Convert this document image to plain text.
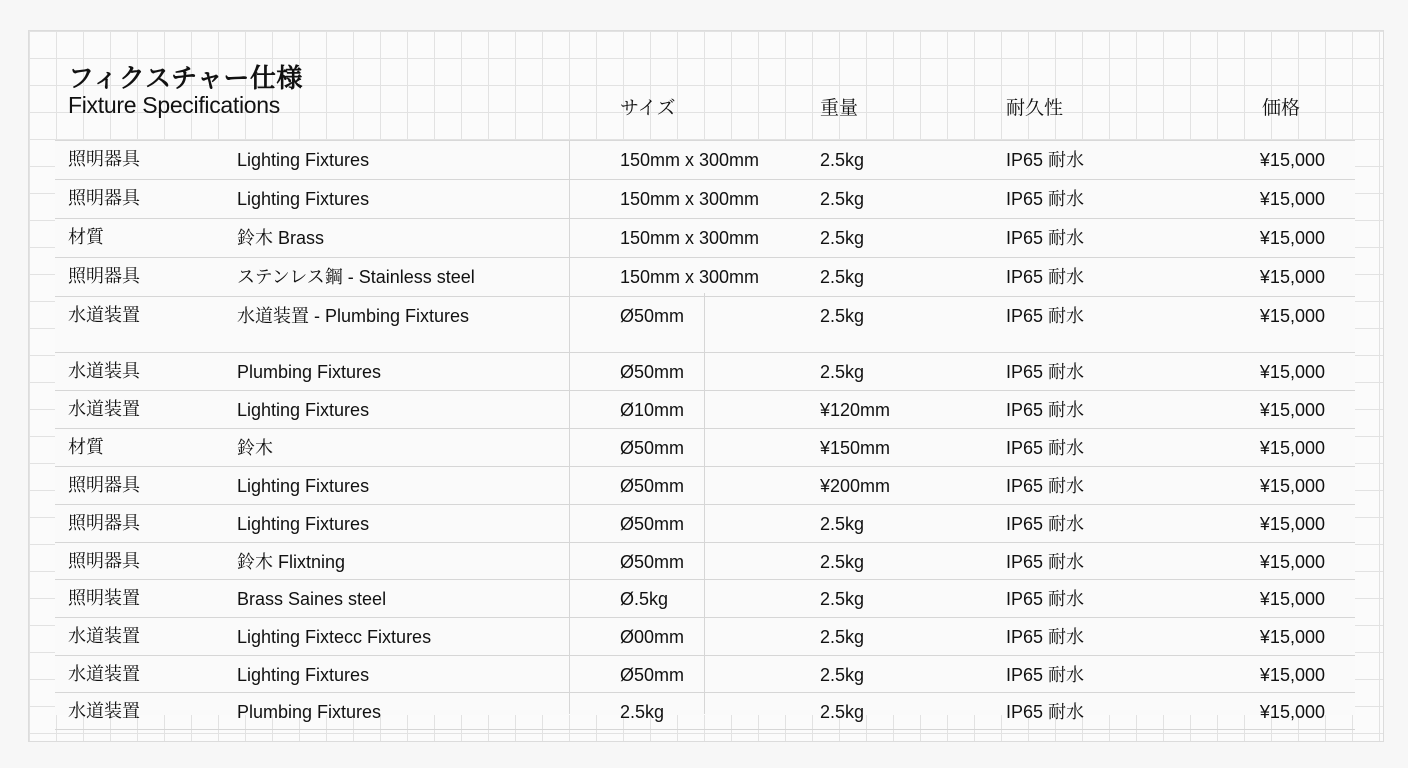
フィクスチャー仕様
Fixture Specifications	サイズ	重量	耐久性	価格
照明器具	Lighting Fixtures	150mm x 300mm	2.5kg	IP65 耐水	¥15,000
照明器具	Lighting Fixtures	150mm x 300mm	2.5kg	IP65 耐水	¥15,000
材質	鈴木 Brass	150mm x 300mm	2.5kg	IP65 耐水	¥15,000
照明器具	ステンレス鋼 - Stainless steel	150mm x 300mm	2.5kg	IP65 耐水	¥15,000
水道装置	水道装置 - Plumbing Fixtures	Ø50mm	2.5kg	IP65 耐水	¥15,000
水道装具	Plumbing Fixtures	Ø50mm	2.5kg	IP65 耐水	¥15,000
水道装置	Lighting Fixtures	Ø10mm	¥120mm	IP65 耐水	¥15,000
材質	鈴木	Ø50mm	¥150mm	IP65 耐水	¥15,000
照明器具	Lighting Fixtures	Ø50mm	¥200mm	IP65 耐水	¥15,000
照明器具	Lighting Fixtures	Ø50mm	2.5kg	IP65 耐水	¥15,000
照明器具	鈴木 Flixtning	Ø50mm	2.5kg	IP65 耐水	¥15,000
照明装置	Brass Saines steel	Ø.5kg	2.5kg	IP65 耐水	¥15,000
水道装置	Lighting Fixtecc Fixtures	Ø00mm	2.5kg	IP65 耐水	¥15,000
水道装置	Lighting Fixtures	Ø50mm	2.5kg	IP65 耐水	¥15,000
水道装置	Plumbing Fixtures	2.5kg	2.5kg	IP65 耐水	¥15,000
